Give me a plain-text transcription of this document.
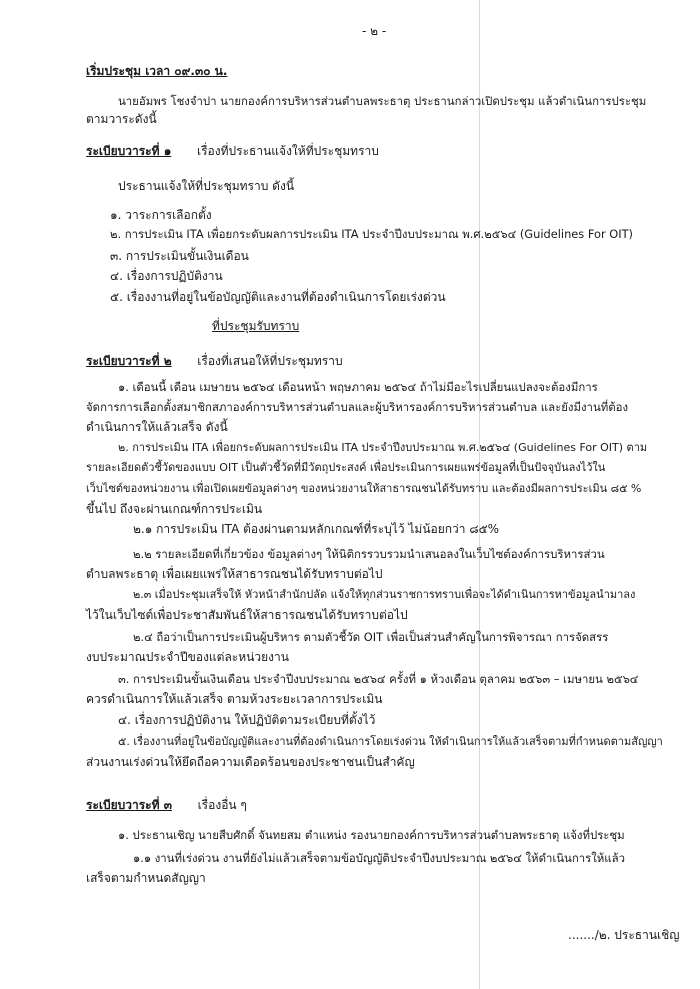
- ๒ -
เริ่มประชุม เวลา ๐๙.๓๐ น.
นายอัมพร โชงจำปา นายกองค์การบริหารส่วนตำบลพระธาตุ ประธานกล่าวเปิดประชุม แล้วดำเนินการประชุม
ตามวาระดังนี้
ระเบียบวาระที่ ๑ เรื่องที่ประธานแจ้งให้ที่ประชุมทราบ
ประธานแจ้งให้ที่ประชุมทราบ ดังนี้
๑. วาระการเลือกตั้ง
๒. การประเมิน ITA เพื่อยกระดับผลการประเมิน ITA ประจำปีงบประมาณ พ.ศ.๒๕๖๔ (Guidelines For OIT)
๓. การประเมินขั้นเงินเดือน
๔. เรื่องการปฏิบัติงาน
๕. เรื่องงานที่อยู่ในข้อบัญญัติและงานที่ต้องดำเนินการโดยเร่งด่วน
ที่ประชุมรับทราบ
ระเบียบวาระที่ ๒ เรื่องที่เสนอให้ที่ประชุมทราบ
๑. เดือนนี้ เดือน เมษายน ๒๕๖๔ เดือนหน้า พฤษภาคม ๒๕๖๔ ถ้าไม่มีอะไรเปลี่ยนแปลงจะต้องมีการ
จัดการการเลือกตั้งสมาชิกสภาองค์การบริหารส่วนตำบลและผู้บริหารองค์การบริหารส่วนตำบล และยังมีงานที่ต้อง
ดำเนินการให้แล้วเสร็จ ดังนี้
๒. การประเมิน ITA เพื่อยกระดับผลการประเมิน ITA ประจำปีงบประมาณ พ.ศ.๒๕๖๔ (Guidelines For OIT) ตาม
รายละเอียดตัวชี้วัดของแบบ OIT เป็นตัวชี้วัดที่มีวัตถุประสงค์ เพื่อประเมินการเผยแพร่ข้อมูลที่เป็นปัจจุบันลงไว้ใน
เว็บไซต์ของหน่วยงาน เพื่อเปิดเผยข้อมูลต่างๆ ของหน่วยงานให้สาธารณชนได้รับทราบ และต้องมีผลการประเมิน ๘๕ %
ขึ้นไป ถึงจะผ่านเกณฑ์การประเมิน
๒.๑ การประเมิน ITA ต้องผ่านตามหลักเกณฑ์ที่ระบุไว้ ไม่น้อยกว่า ๘๕%
๒.๒ รายละเอียดที่เกี่ยวข้อง ข้อมูลต่างๆ ให้นิติกรรวบรวมนำเสนอลงในเว็บไซต์องค์การบริหารส่วน
ตำบลพระธาตุ เพื่อเผยแพร่ให้สาธารณชนได้รับทราบต่อไป
๒.๓ เมื่อประชุมเสร็จให้ หัวหน้าสำนักปลัด แจ้งให้ทุกส่วนราชการทราบเพื่อจะได้ดำเนินการหาข้อมูลนำมาลง
ไว้ในเว็บไซต์เพื่อประชาสัมพันธ์ให้สาธารณชนได้รับทราบต่อไป
๒.๔ ถือว่าเป็นการประเมินผู้บริหาร ตามตัวชี้วัด OIT เพื่อเป็นส่วนสำคัญในการพิจารณา การจัดสรร
งบประมาณประจำปีของแต่ละหน่วยงาน
๓. การประเมินขั้นเงินเดือน ประจำปีงบประมาณ ๒๕๖๔ ครั้งที่ ๑ ห้วงเดือน ตุลาคม ๒๕๖๓ – เมษายน ๒๕๖๔
ควรดำเนินการให้แล้วเสร็จ ตามห้วงระยะเวลาการประเมิน
๔. เรื่องการปฏิบัติงาน ให้ปฏิบัติตามระเบียบที่ตั้งไว้
๕. เรื่องงานที่อยู่ในข้อบัญญัติและงานที่ต้องดำเนินการโดยเร่งด่วน ให้ดำเนินการให้แล้วเสร็จตามที่กำหนดตามสัญญา
ส่วนงานเร่งด่วนให้ยึดถือความเดือดร้อนของประชาชนเป็นสำคัญ
ระเบียบวาระที่ ๓ เรื่องอื่น ๆ
๑. ประธานเชิญ นายสืบศักดิ์ จันทยสม ตำแหน่ง รองนายกองค์การบริหารส่วนตำบลพระธาตุ แจ้งที่ประชุม
๑.๑ งานที่เร่งด่วน งานที่ยังไม่แล้วเสร็จตามข้อบัญญัติประจำปีงบประมาณ ๒๕๖๔ ให้ดำเนินการให้แล้ว
เสร็จตามกำหนดสัญญา
......./๒. ประธานเชิญ
